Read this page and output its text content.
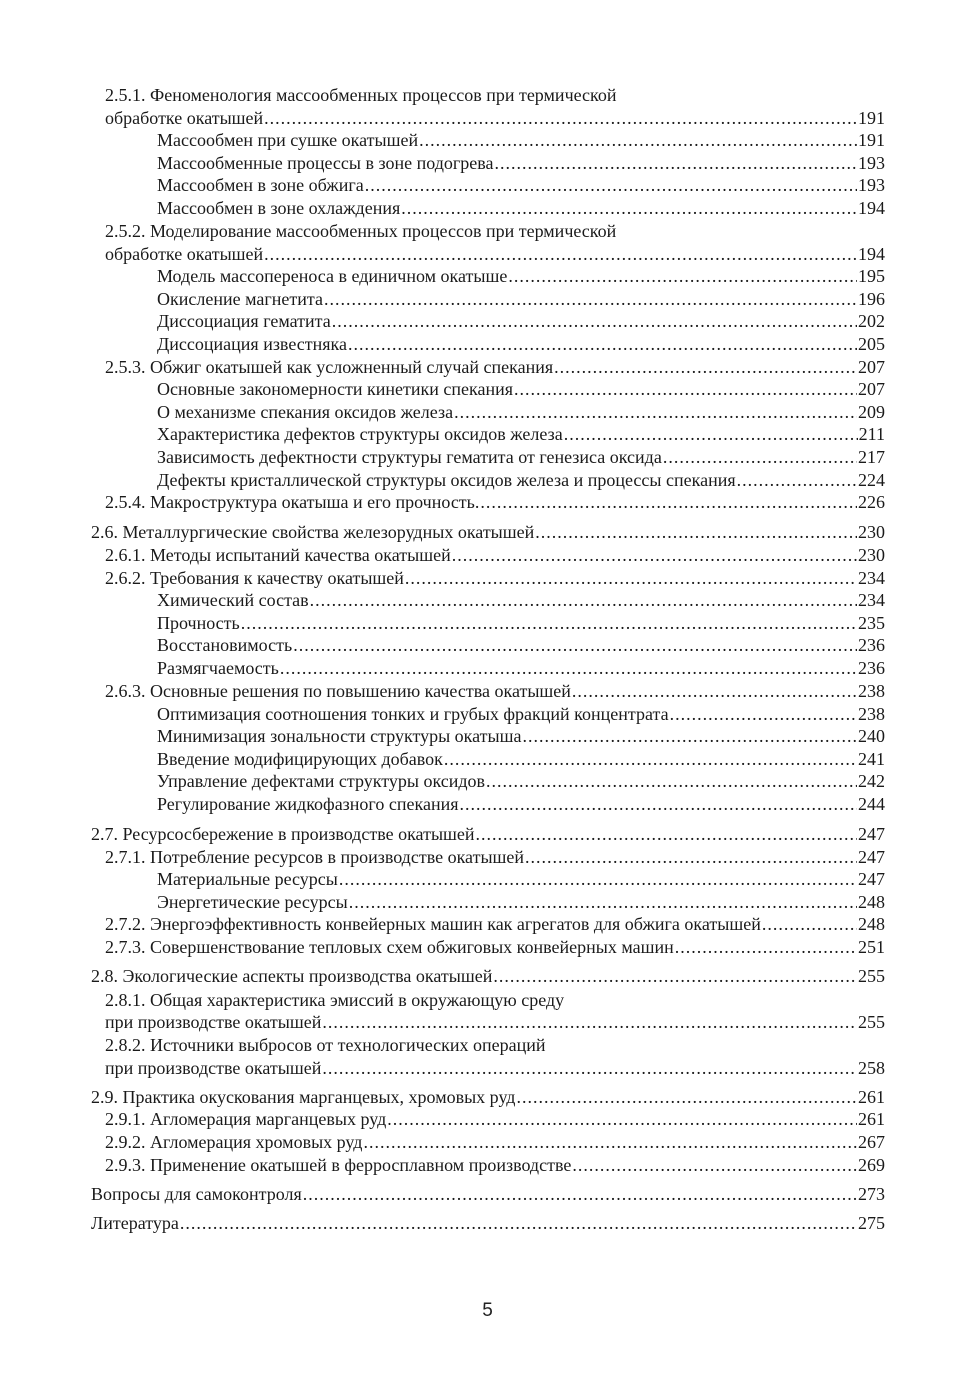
2.5.1. Феноменология массообменных процессов при термической
обработке окатышей .....	191
Массообмен при сушке окатышей .....	191
Массообменные процессы в зоне подогрева .....	193
Массообмен в зоне обжига .....	193
Массообмен в зоне охлаждения .....	194
2.5.2. Моделирование массообменных процессов при термической
обработке окатышей .....	194
Модель массопереноса в единичном окатыше .....	195
Окисление магнетита .....	196
Диссоциация гематита .....	202
Диссоциация известняка .....	205
2.5.3. Обжиг окатышей как усложненный случай спекания .....	207
Основные закономерности кинетики спекания .....	207
О механизме спекания оксидов железа .....	209
Характеристика дефектов структуры оксидов железа .....	211
Зависимость дефектности структуры гематита от генезиса оксида .....	217
Дефекты кристаллической структуры оксидов железа и процессы спекания .....	224
2.5.4. Макроструктура окатыша и его прочность. .....	226
2.6. Металлургические свойства железорудных окатышей .....	230
2.6.1. Методы испытаний качества окатышей .....	230
2.6.2. Требования к качеству окатышей .....	234
Химический состав .....	234
Прочность .....	235
Восстановимость .....	236
Размягчаемость .....	236
2.6.3. Основные решения по повышению качества окатышей .....	238
Оптимизация соотношения тонких и грубых фракций концентрата .....	238
Минимизация зональности структуры окатыша .....	240
Введение модифицирующих добавок .....	241
Управление дефектами структуры оксидов .....	242
Регулирование жидкофазного спекания .....	244
2.7. Ресурсосбережение в производстве окатышей .....	247
2.7.1. Потребление ресурсов в производстве окатышей .....	247
Материальные ресурсы .....	247
Энергетические ресурсы .....	248
2.7.2. Энергоэффективность конвейерных машин как агрегатов для обжига окатышей .....	248
2.7.3. Совершенствование тепловых схем обжиговых конвейерных машин .....	251
2.8. Экологические аспекты производства окатышей .....	255
2.8.1. Общая характеристика эмиссий в окружающую среду
при производстве окатышей .....	255
2.8.2. Источники выбросов от технологических операций
при производстве окатышей .....	258
2.9. Практика окускования марганцевых, хромовых руд .....	261
2.9.1. Агломерация марганцевых руд .....	261
2.9.2. Агломерация хромовых руд .....	267
2.9.3. Применение окатышей в ферросплавном производстве .....	269
Вопросы для самоконтроля .....	273
Литература .....	275
5
